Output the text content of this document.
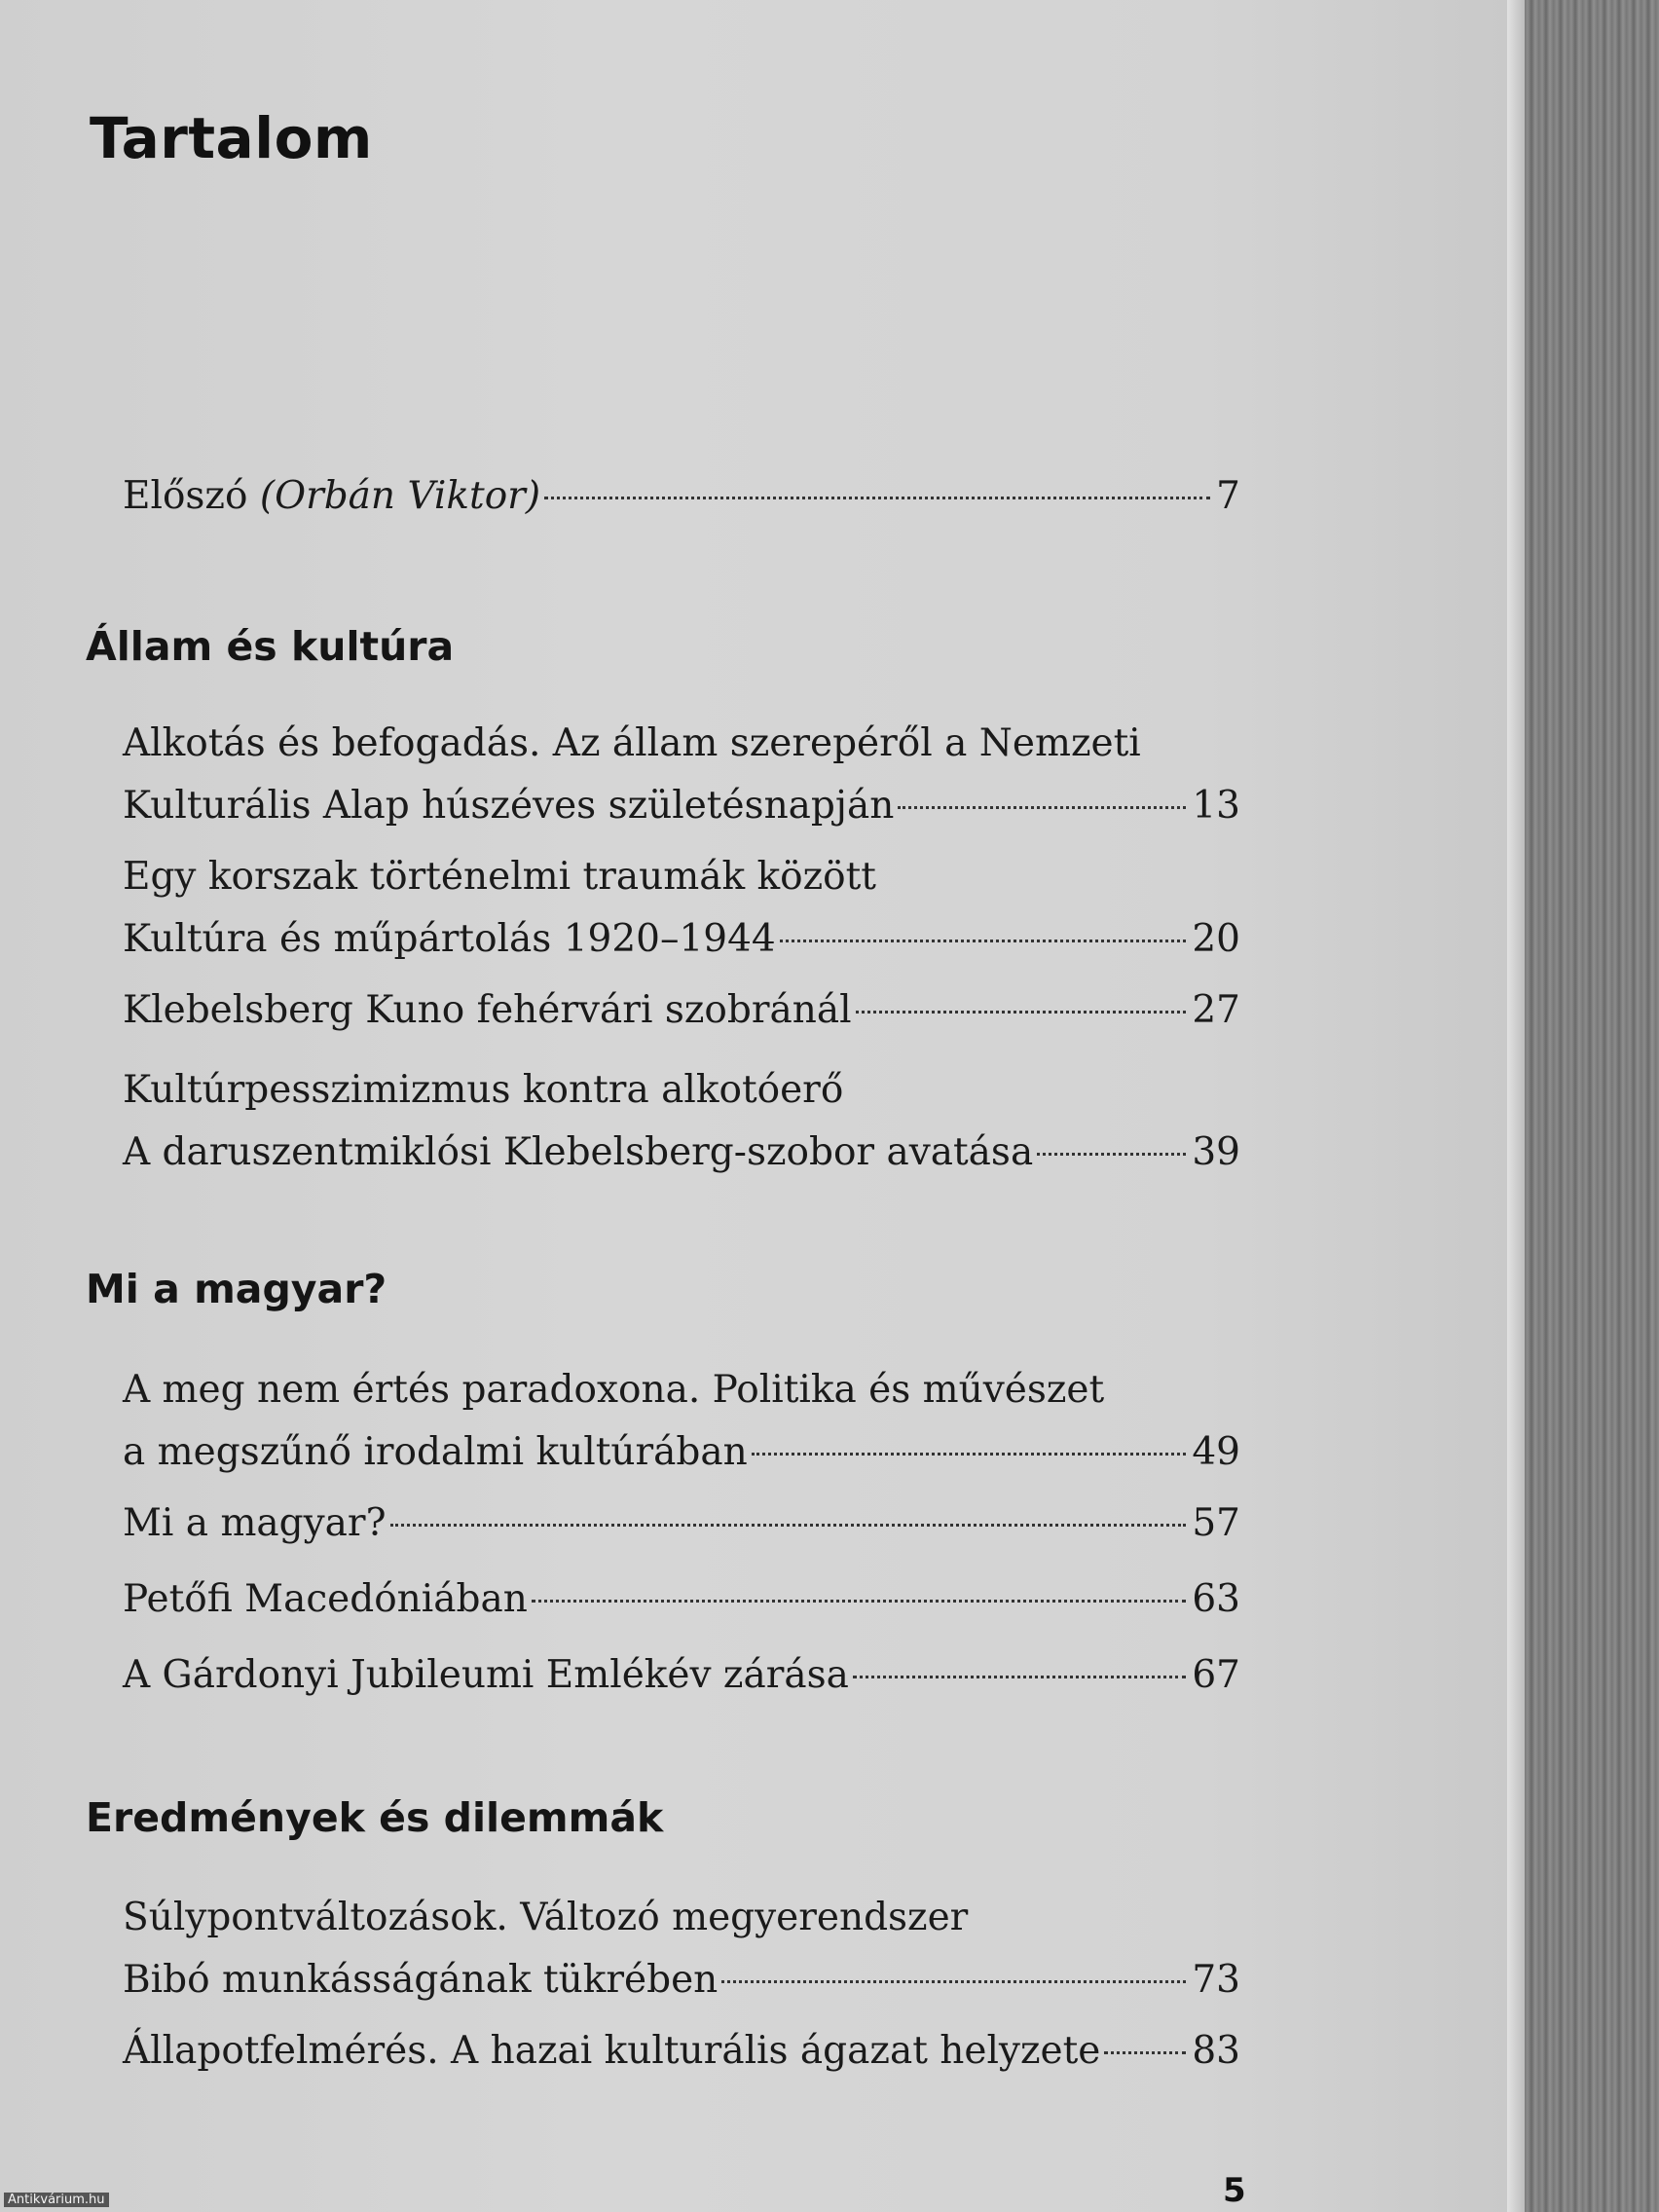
Tartalom
Előszó (Orbán Viktor)	7
Állam és kultúra
Alkotás és befogadás. Az állam szerepéről a Nemzeti
Kulturális Alap húszéves születésnapján	13
Egy korszak történelmi traumák között
Kultúra és műpártolás 1920–1944	20
Klebelsberg Kuno fehérvári szobránál	27
Kultúrpesszimizmus kontra alkotóerő
A daruszentmiklósi Klebelsberg-szobor avatása	39
Mi a magyar?
A meg nem értés paradoxona. Politika és művészet
a megszűnő irodalmi kultúrában	49
Mi a magyar?	57
Petőfi Macedóniában	63
A Gárdonyi Jubileumi Emlékév zárása	67
Eredmények és dilemmák
Súlypontváltozások. Változó megyerendszer
Bibó munkásságának tükrében	73
Állapotfelmérés. A hazai kulturális ágazat helyzete 83
5
Antikvárium.hu
